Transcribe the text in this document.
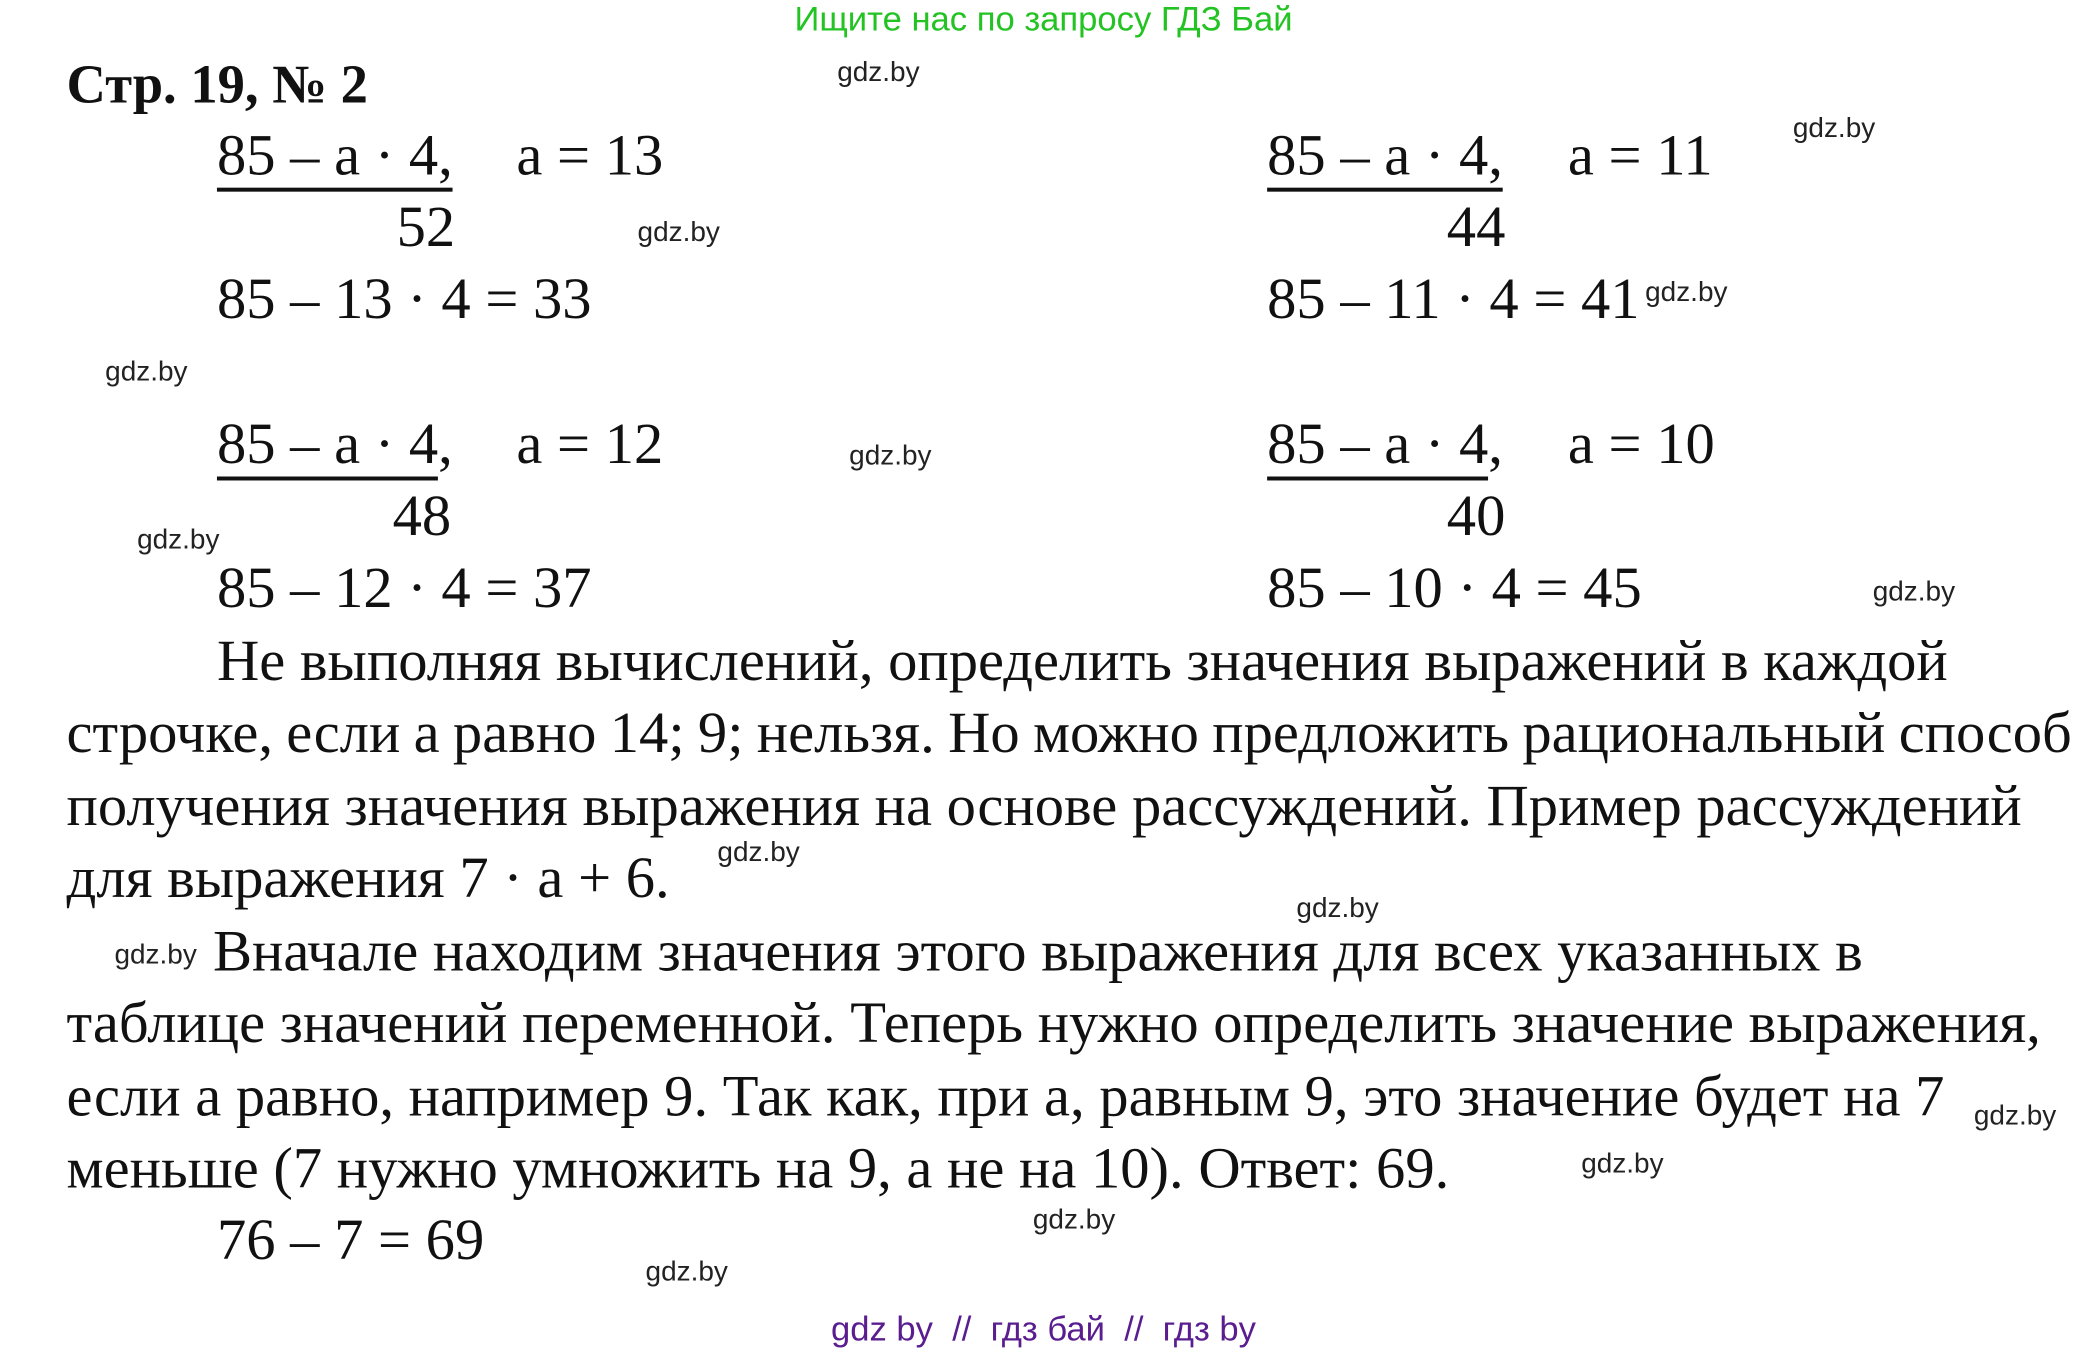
Ищите нас по запросу ГДЗ Бай
Стр. 19, № 2
85 – a · 4, a = 13
52
85 – 13 · 4 = 33
85 – a · 4, a = 11
44
85 – 11 · 4 = 41
85 – a · 4, a = 12
48
85 – 12 · 4 = 37
85 – a · 4, a = 10
40
85 – 10 · 4 = 45
Не выполняя вычислений, определить значения выражений в каждой
строчке, если а равно 14; 9; нельзя. Но можно предложить рациональный способ
получения значения выражения на основе рассуждений. Пример рассуждений
для выражения 7 · а + 6.
Вначале находим значения этого выражения для всех указанных в
таблице значений переменной. Теперь нужно определить значение выражения,
если а равно, например 9. Так как, при а, равным 9, это значение будет на 7
меньше (7 нужно умножить на 9, а не на 10). Ответ: 69.
76 – 7 = 69
gdz.by
gdz.by
gdz.by
gdz.by
gdz.by
gdz.by
gdz.by
gdz.by
gdz.by
gdz.by
gdz.by
gdz.by
gdz.by
gdz.by
gdz.by
gdz by  //  гдз бай  //  гдз by
